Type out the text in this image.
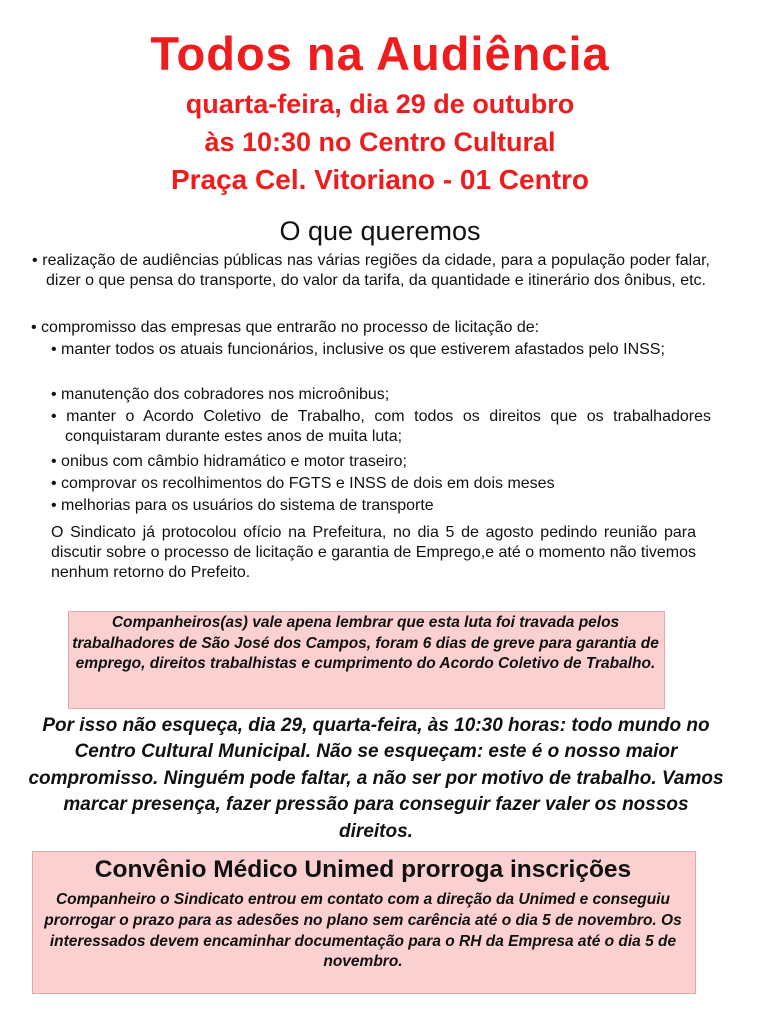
Todos na Audiência
quarta-feira, dia 29 de outubro
às 10:30 no Centro Cultural
Praça Cel. Vitoriano - 01 Centro
O que queremos
• realização de audiências públicas nas várias regiões da cidade, para a população poder falar, dizer o que pensa do transporte, do valor da tarifa, da quantidade e itinerário dos ônibus, etc.
• compromisso das empresas que entrarão no processo de licitação de:
• manter todos os atuais funcionários, inclusive os que estiverem afastados pelo INSS;
• manutenção dos cobradores nos microônibus;
• manter o Acordo Coletivo de Trabalho, com todos os direitos que os trabalhadores conquistaram durante estes anos de muita luta;
• onibus com câmbio hidramático e motor traseiro;
• comprovar os recolhimentos do FGTS e INSS de dois em dois meses
• melhorias para os usuários do sistema de transporte
O Sindicato já protocolou ofício na Prefeitura, no dia 5 de agosto pedindo reunião para discutir sobre o processo de licitação e garantia de Emprego,e até o momento não tivemos nenhum retorno do Prefeito.
Companheiros(as) vale apena lembrar que esta luta foi travada pelos trabalhadores de São José dos Campos, foram 6 dias de greve para garantia de emprego, direitos trabalhistas e cumprimento do Acordo Coletivo de Trabalho.
Por isso não esqueça, dia 29, quarta-feira, às 10:30 horas: todo mundo no Centro Cultural Municipal. Não se esqueçam: este é o nosso maior compromisso. Ninguém pode faltar, a não ser por motivo de trabalho. Vamos marcar presença, fazer pressão para conseguir fazer valer os nossos direitos.
Convênio Médico Unimed prorroga inscrições
Companheiro o Sindicato entrou em contato com a direção da Unimed e conseguiu prorrogar o prazo para as adesões no plano sem carência até o dia 5 de novembro. Os interessados devem encaminhar documentação para o RH da Empresa até o dia 5 de novembro.
